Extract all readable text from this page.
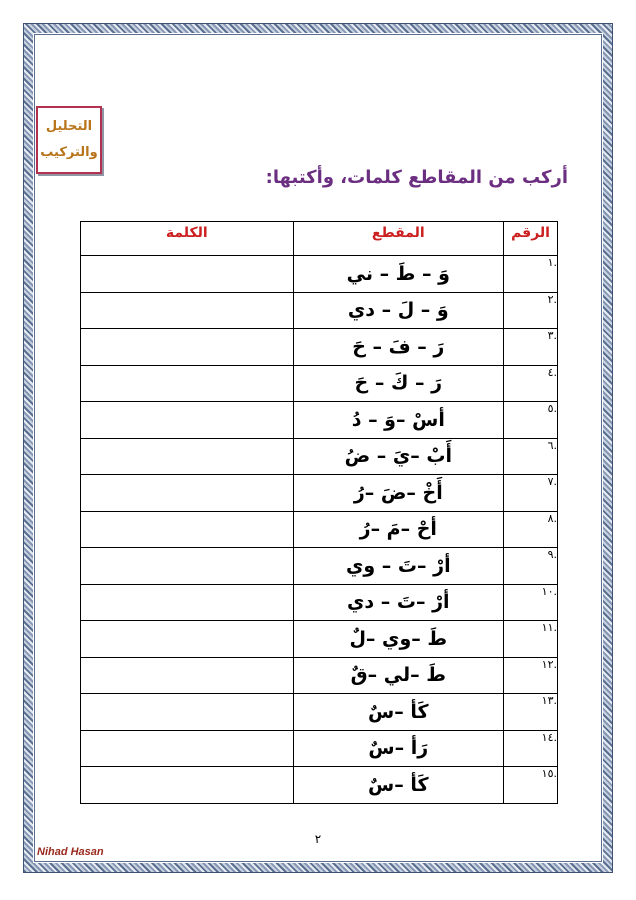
التحليل
والتركيب
أركب من المقاطع كلمات، وأكتبها:
الرقم	المقطع	الكلمة
.١	وَ – طَ – ني	
.٢	وَ – لَ – دي	
.٣	رَ – فَ – حَ	
.٤	رَ – كَ – حَ	
.٥	أسْ –وَ – دُ	
.٦	أَبْ –يَ – ضُ	
.٧	أَخْ –ضَ –رُ	
.٨	أحْ –مَ –رُ	
.٩	أرْ –تَ – وي	
.١٠	أرْ –تَ – دي	
.١١	طَ –وي –لٌ	
.١٢	طَ –لي –قٌ	
.١٣	كَأ –سٌ	
.١٤	رَأ –سٌ	
.١٥	كَأ –سٌ	
٢
Nihad Hasan
